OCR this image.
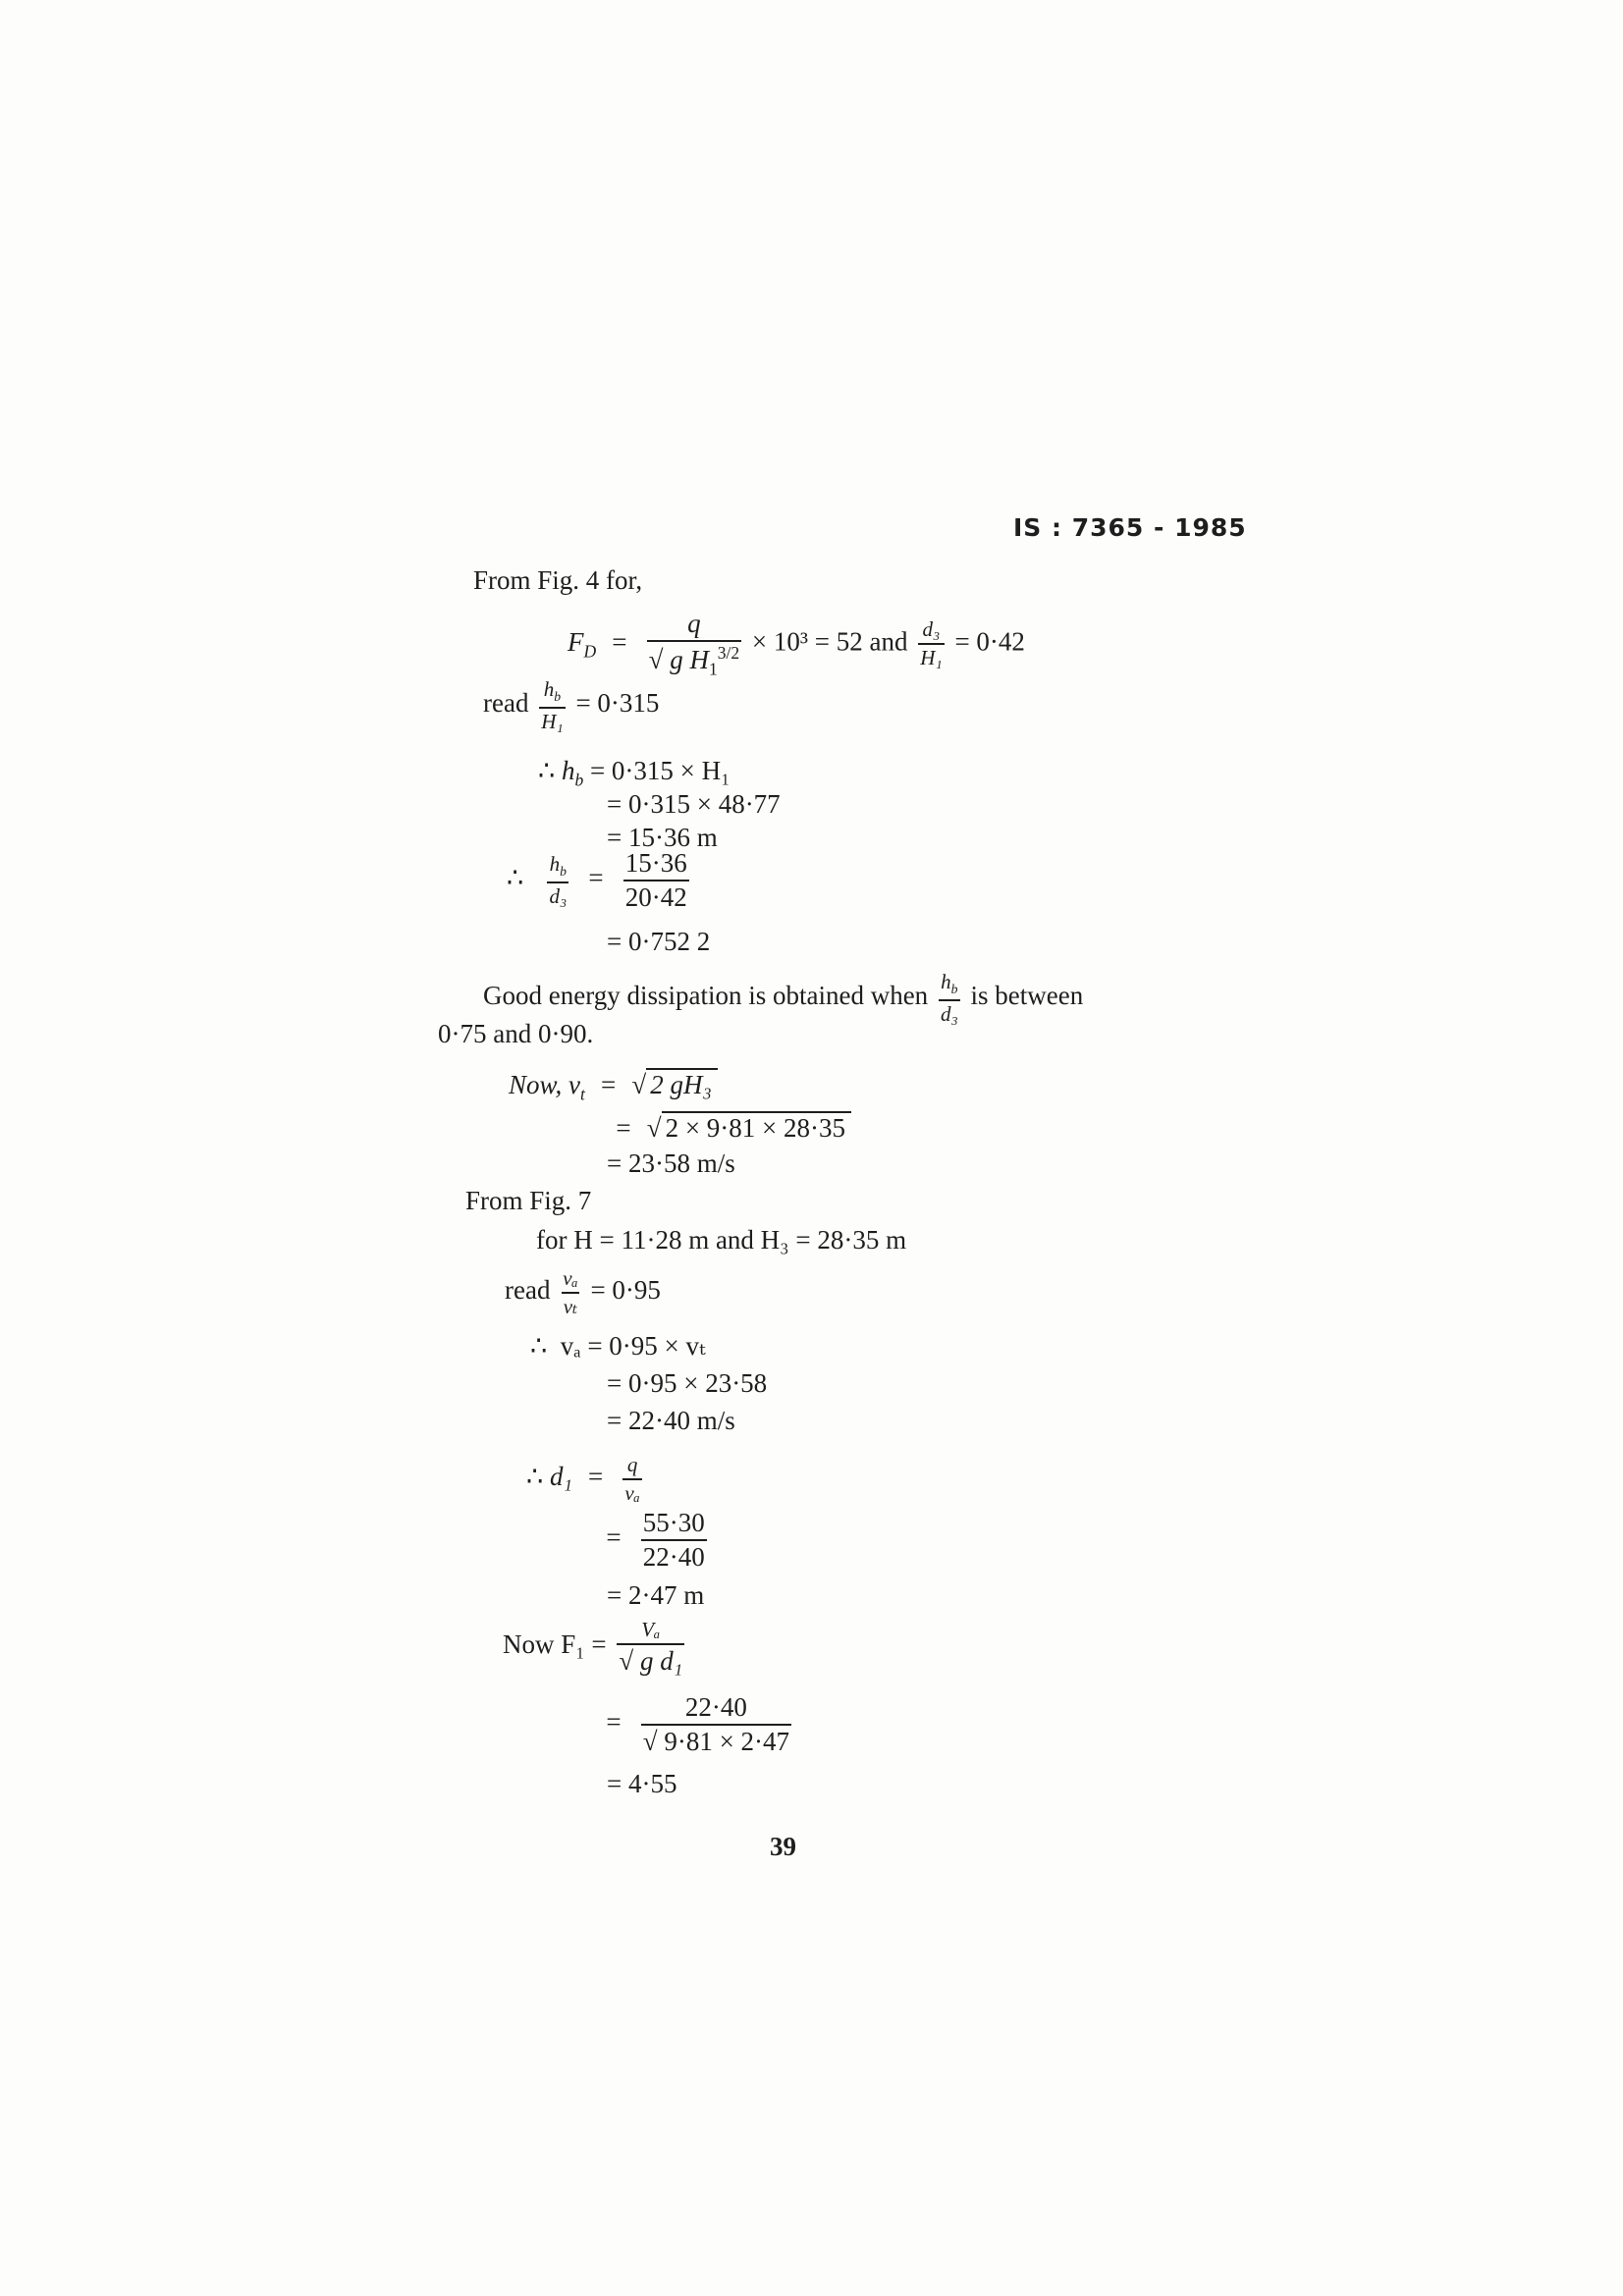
IS : 7365 - 1985
From Fig. 4 for,
$F_D = \frac{q}{√ g H_1^{3/2}} \times 10^3 = 52$ and $\frac{\text{d₃}}{\text{H₁}} = 0\cdot 42$
read $\frac{h_b}{\text{H₁}} = 0\cdot 315$
∴ $h_b = 0\cdot 315 \times H_1$
= 0·315 × 48·77
= 15·36 m
∴ $\frac{h_b}{\text{d₃}} = \frac{15\cdot 36}{20\cdot 42}$
= 0·752 2
Good energy dissipation is obtained when $\frac{h_b}{\text{d₃}}$ is between
0·75 and 0·90.
Now, $v_t$ = √ 2 gH₃
= √ 2 × 9·81 × 28·35
= 23·58 m/s
From Fig. 7
for H = 11·28 m and H₃ = 28·35 m
read $\frac{\text{vₐ}}{\text{vₜ}} = 0\cdot 95$
∴ vₐ = 0·95 × vₜ
= 0·95 × 23·58
= 22·40 m/s
∴ $d_1 = \frac{q}{\text{vₐ}}$
= $\frac{55\cdot 30}{22\cdot 40}$
= 2·47 m
Now $F_1 = \frac{\text{Vₐ}}{\text{√ g d₁}}$
= $\frac{22\cdot 40}{√ 9\cdot 81 \times 2\cdot 47}$
= 4·55
39
